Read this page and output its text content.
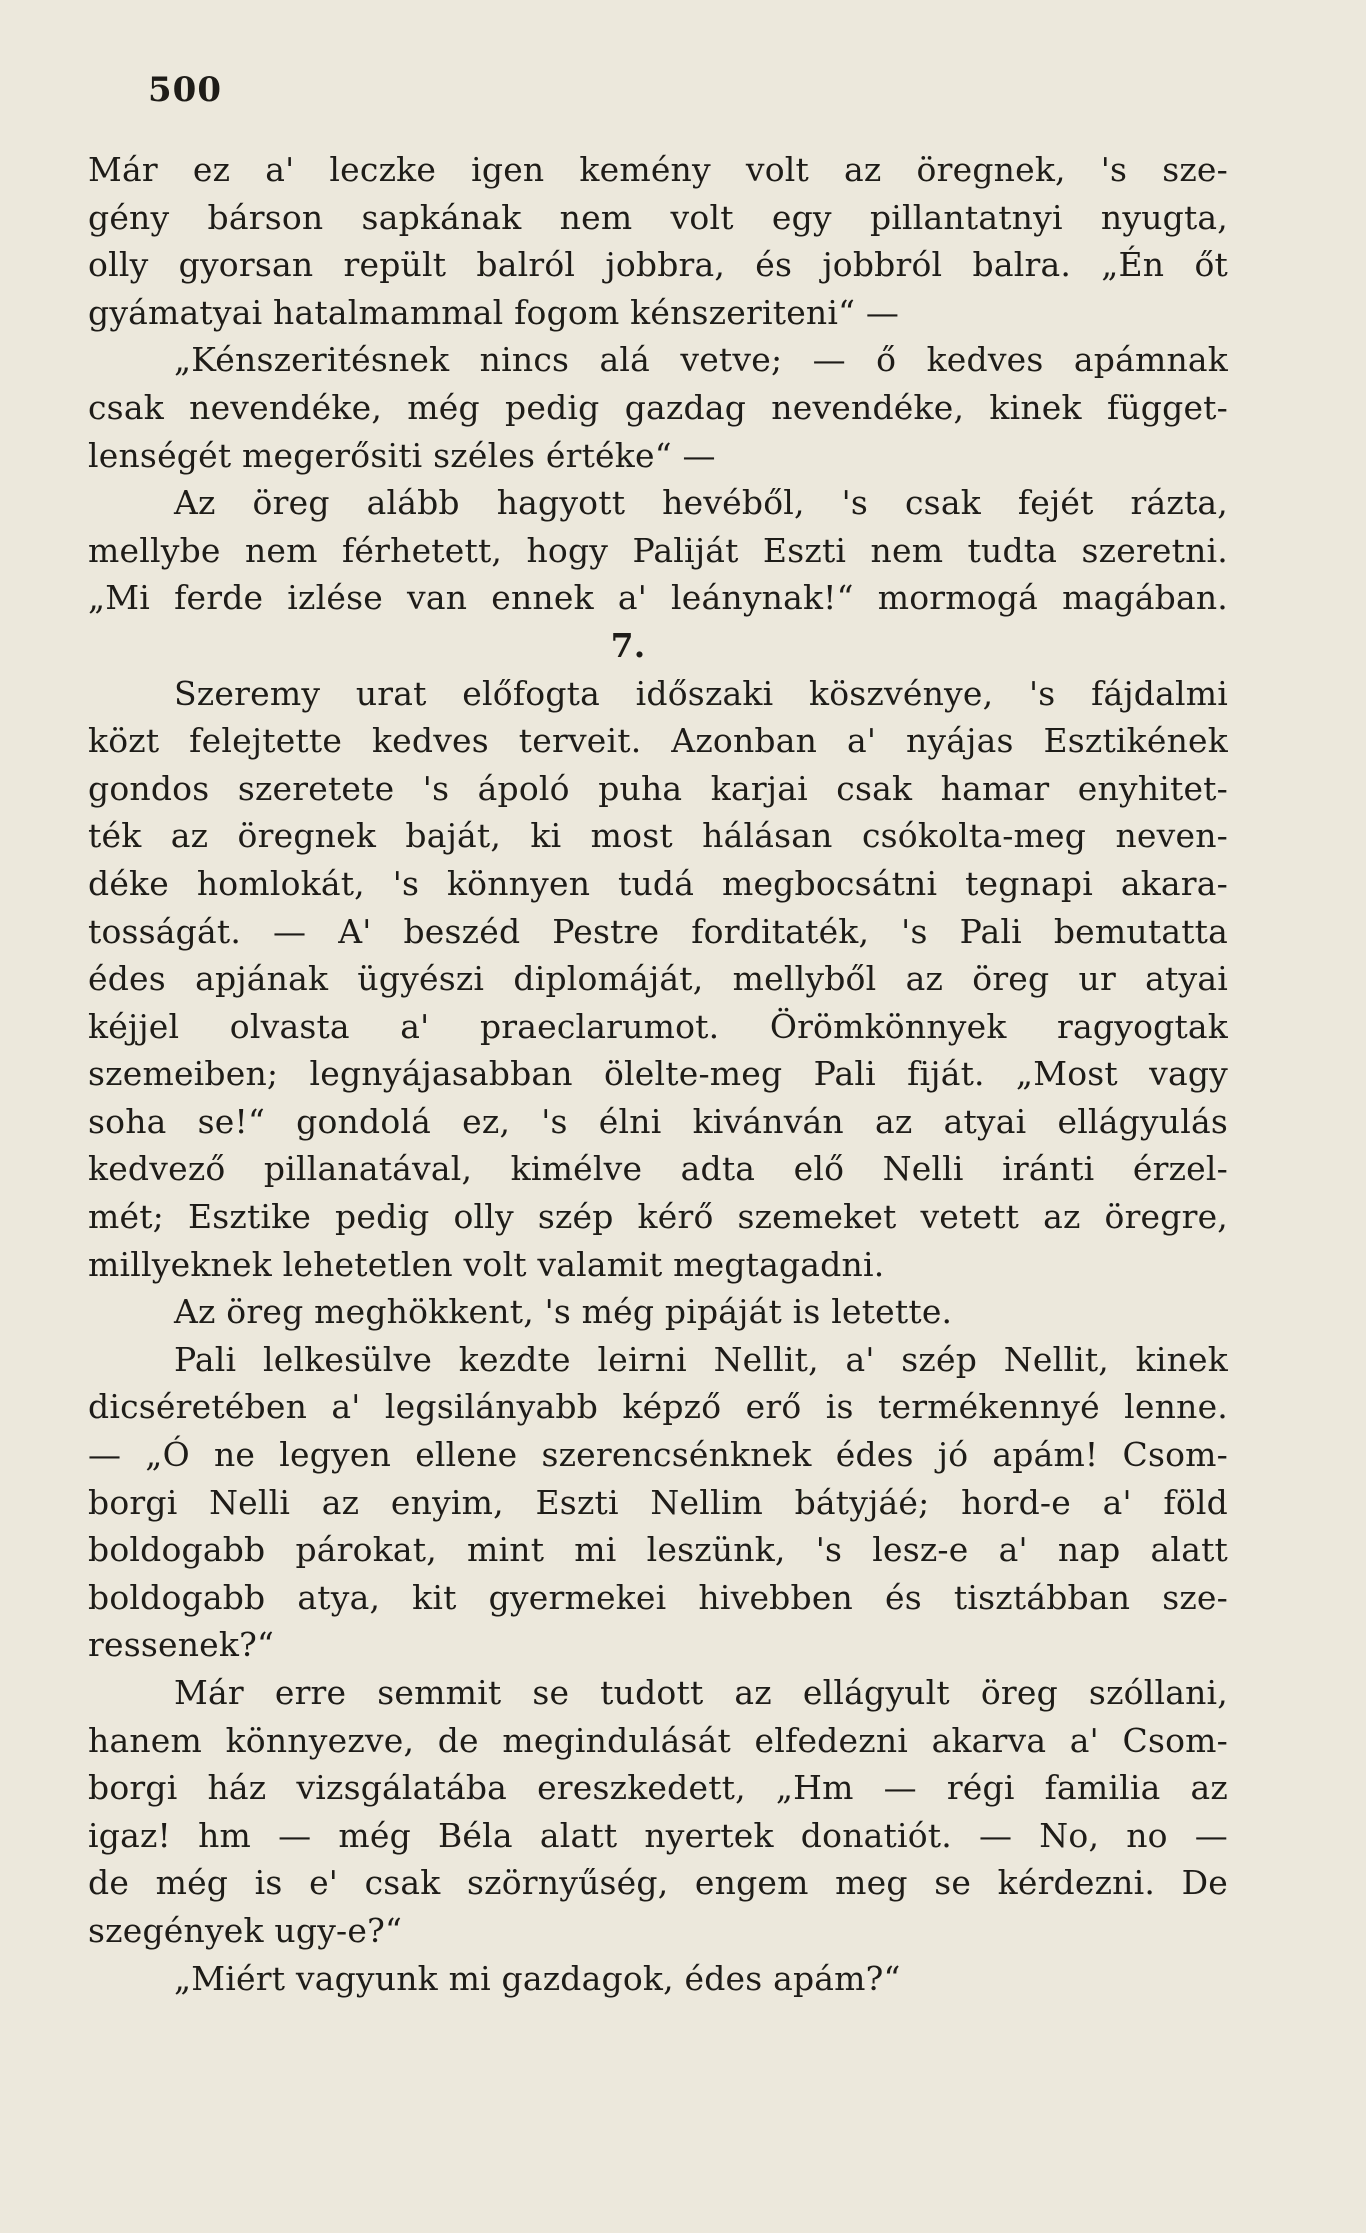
500
Már ez a' leczke igen kemény volt az öregnek, 's sze-
gény bárson sapkának nem volt egy pillantatnyi nyugta,
olly gyorsan repült balról jobbra, és jobbról balra. „Én őt
gyámatyai hatalmammal fogom kénszeriteni“ —
„Kénszeritésnek nincs alá vetve; — ő kedves apámnak
csak nevendéke, még pedig gazdag nevendéke, kinek függet-
lenségét megerősiti széles értéke“ —
Az öreg alább hagyott hevéből, 's csak fejét rázta,
mellybe nem férhetett, hogy Paliját Eszti nem tudta szeretni.
„Mi ferde izlése van ennek a' leánynak!“ mormogá magában.
7.
Szeremy urat előfogta időszaki köszvénye, 's fájdalmi
közt felejtette kedves terveit. Azonban a' nyájas Esztikének
gondos szeretete 's ápoló puha karjai csak hamar enyhitet-
ték az öregnek baját, ki most hálásan csókolta-meg neven-
déke homlokát, 's könnyen tudá megbocsátni tegnapi akara-
tosságát. — A' beszéd Pestre forditaték, 's Pali bemutatta
édes apjának ügyészi diplomáját, mellyből az öreg ur atyai
kéjjel olvasta a' praeclarumot. Örömkönnyek ragyogtak
szemeiben; legnyájasabban ölelte-meg Pali fiját. „Most vagy
soha se!“ gondolá ez, 's élni kivánván az atyai ellágyulás
kedvező pillanatával, kimélve adta elő Nelli iránti érzel-
mét; Esztike pedig olly szép kérő szemeket vetett az öregre,
millyeknek lehetetlen volt valamit megtagadni.
Az öreg meghökkent, 's még pipáját is letette.
Pali lelkesülve kezdte leirni Nellit, a' szép Nellit, kinek
dicséretében a' legsilányabb képző erő is termékennyé lenne.
— „Ó ne legyen ellene szerencsénknek édes jó apám! Csom-
borgi Nelli az enyim, Eszti Nellim bátyjáé; hord-e a' föld
boldogabb párokat, mint mi leszünk, 's lesz-e a' nap alatt
boldogabb atya, kit gyermekei hivebben és tisztábban sze-
ressenek?“
Már erre semmit se tudott az ellágyult öreg szóllani,
hanem könnyezve, de megindulását elfedezni akarva a' Csom-
borgi ház vizsgálatába ereszkedett, „Hm — régi familia az
igaz! hm — még Béla alatt nyertek donatiót. — No, no —
de még is e' csak szörnyűség, engem meg se kérdezni. De
szegények ugy-e?“
„Miért vagyunk mi gazdagok, édes apám?“
